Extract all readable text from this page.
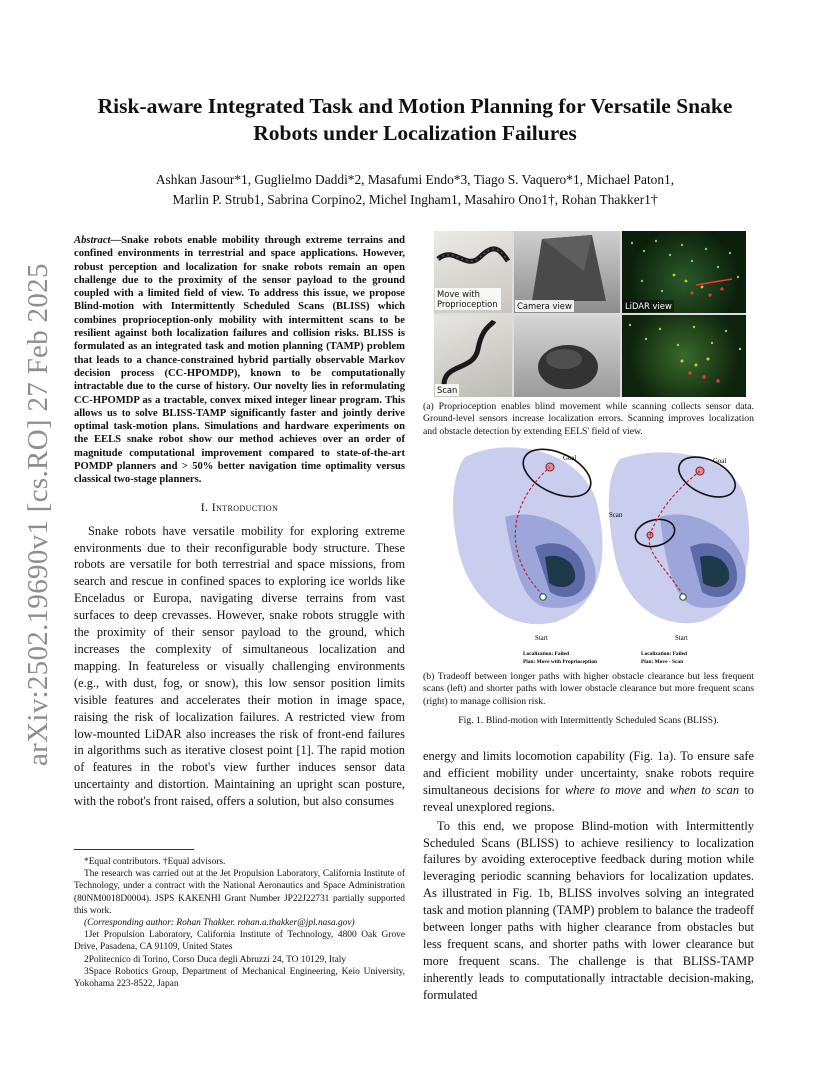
arXiv:2502.19690v1 [cs.RO] 27 Feb 2025
Risk-aware Integrated Task and Motion Planning for Versatile Snake Robots under Localization Failures
Ashkan Jasour*1, Guglielmo Daddi*2, Masafumi Endo*3, Tiago S. Vaquero*1, Michael Paton1,
Marlin P. Strub1, Sabrina Corpino2, Michel Ingham1, Masahiro Ono1†, Rohan Thakker1†

Abstract—Snake robots enable mobility through extreme terrains and confined environments in terrestrial and space applications. However, robust perception and localization for snake robots remain an open challenge due to the proximity of the sensor payload to the ground coupled with a limited field of view. To address this issue, we propose Blind-motion with Intermittently Scheduled Scans (BLISS) which combines proprioception-only mobility with intermittent scans to be resilient against both localization failures and collision risks. BLISS is formulated as an integrated task and motion planning (TAMP) problem that leads to a chance-constrained hybrid partially observable Markov decision process (CC-HPOMDP), known to be computationally intractable due to the curse of history. Our novelty lies in reformulating CC-HPOMDP as a tractable, convex mixed integer linear program. This allows us to solve BLISS-TAMP significantly faster and jointly derive optimal task-motion plans. Simulations and hardware experiments on the EELS snake robot show our method achieves over an order of magnitude computational improvement compared to state-of-the-art POMDP planners and > 50% better navigation time optimality versus classical two-stage planners.

I. Introduction

Snake robots have versatile mobility for exploring extreme environments due to their reconfigurable body structure. These robots are versatile for both terrestrial and space missions, from search and rescue in confined spaces to exploring ice worlds like Enceladus or Europa, navigating diverse terrains from vast surfaces to deep crevasses. However, snake robots struggle with the proximity of their sensor payload to the ground, which increases the complexity of simultaneous localization and mapping. In featureless or visually challenging environments (e.g., with dust, fog, or snow), this low sensor position limits visible features and accelerates their motion in image space, raising the risk of localization failures. A restricted view from low-mounted LiDAR also increases the risk of front-end failures in algorithms such as iterative closest point [1]. The rapid motion of features in the robot's view further induces sensor data uncertainty and distortion. Maintaining an upright scan posture, with the robot's front raised, offers a solution, but also consumes

*Equal contributors. †Equal advisors.

The research was carried out at the Jet Propulsion Laboratory, California Institute of Technology, under a contract with the National Aeronautics and Space Administration (80NM0018D0004). JSPS KAKENHI Grant Number JP22J22731 partially supported this work.

(Corresponding author: Rohan Thakker. rohan.a.thakker@jpl.nasa.gov)

1Jet Propulsion Laboratory, California Institute of Technology, 4800 Oak Grove Drive, Pasadena, CA 91109, United States

2Politecnico di Torino, Corso Duca degli Abruzzi 24, TO 10129, Italy

3Space Robotics Group, Department of Mechanical Engineering, Keio University, Yokohama 223-8522, Japan

Move with Proprioception	Camera view	LiDAR view
Scan
(a) Proprioception enables blind movement while scanning collects sensor data. Ground-level sensors increase localization errors. Scanning improves localization and obstacle detection by extending EELS' field of view.
Goal
Start
Localization: Failed
Plan: Move with Proprioception
Goal
Scan
Start
Localization: Failed
Plan: Move - Scan
(b) Tradeoff between longer paths with higher obstacle clearance but less frequent scans (left) and shorter paths with lower obstacle clearance but more frequent scans (right) to manage collision risk.
Fig. 1. Blind-motion with Intermittently Scheduled Scans (BLISS).

energy and limits locomotion capability (Fig. 1a). To ensure safe and efficient mobility under uncertainty, snake robots require simultaneous decisions for where to move and when to scan to reveal unexplored regions.

To this end, we propose Blind-motion with Intermittently Scheduled Scans (BLISS) to achieve resiliency to localization failures by avoiding exteroceptive feedback during motion while leveraging periodic scanning behaviors for localization updates. As illustrated in Fig. 1b, BLISS involves solving an integrated task and motion planning (TAMP) problem to balance the tradeoff between longer paths with higher clearance from obstacles but less frequent scans, and shorter paths with lower clearance but more frequent scans. The challenge is that BLISS-TAMP inherently leads to computationally intractable decision-making, formulated
